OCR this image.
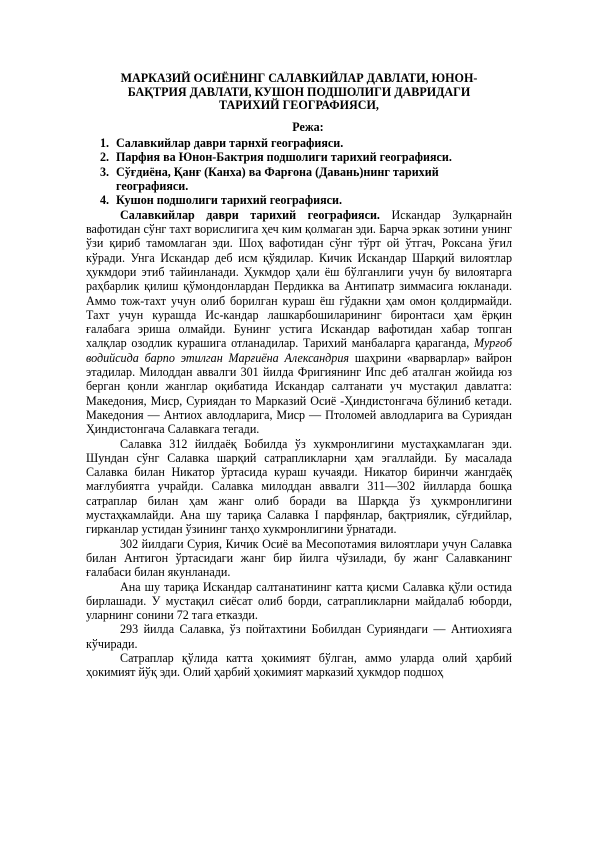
МАРКАЗИЙ ОСИЁНИНГ САЛАВКИЙЛАР ДАВЛАТИ, ЮНОН-
БАҚТРИЯ ДАВЛАТИ, КУШОН ПОДШОЛИГИ ДАВРИДАГИ
ТАРИХИЙ ГЕОГРАФИЯСИ,
Режа:
1. Салавкийлар даври тарнхй географияси.
2. Парфия ва Юнон-Бактрия подшолиги тарихий географияси.
3. Сўғдиёна, Қанғ (Канха) ва Фарғона (Давань)нинг тарихий географияси.
4. Кушон подшолиги тарихий географияси.

Салавкийлар даври тарихий географияси. Искандар Зулқарнайн вафотидан сўнг тахт ворислигига ҳеч ким қолмаган эди. Барча эркак зотини унинг ўзи қириб тамомлаган эди. Шоҳ вафотидан сўнг тўрт ой ўтгач, Роксана ўғил кўради. Унга Искандар деб исм қўядилар. Кичик Искандар Шарқий вилоятлар ҳукмдори этиб тайинланади. Ҳукмдор ҳали ёш бўлганлиги учун бу вилоятарга раҳбарлик қилиш қўмондонлардан Пердикка ва Антипатр зиммасига юкланади. Аммо тож-тахт учун олиб борилган кураш ёш гўдакни ҳам омон қолдирмайди. Тахт учун курашда Ис-кандар лашкарбошиларининг биронтаси ҳам ёрқин ғалабага эриша олмайди. Бунинг устига Искандар вафотидан хабар топган халқлар озодлик курашига отланадилар. Тарихий манбаларга қараганда, Мурғоб водийсида барпо этилган Марғиёна Александрия шаҳрини «варварлар» вайрон этадилар. Милоддан аввалги 301 йилда Фригиянинг Ипс деб аталган жойида юз берган қонли жанглар оқибатида Искандар салтанати уч мустақил давлатга: Македония, Миср, Суриядан то Марказий Осиё -Ҳиндистонгача бўлиниб кетади. Македония — Антиох авлодларига, Миср — Птоломей авлодларига ва Суриядан Ҳиндистонгача Салавкага тегади.

Салавка 312 йилдаёқ Бобилда ўз хукмронлигини мустаҳкамлаган эди. Шундан сўнг Салавка шарқий сатрапликларни ҳам эгаллайди. Бу масалада Салавка билан Никатор ўртасида кураш кучаяди. Никатор биринчи жангдаёқ мағлубиятга учрайди. Салавка милоддан аввалги 311—302 йилларда бошқа сатраплар билан ҳам жанг олиб боради ва Шарқда ўз ҳукмронлигини мустаҳкамлайди. Ана шу тариқа Салавка I парфянлар, бақтриялик, сўғдийлар, гирканлар устидан ўзининг танҳо хукмронлигини ўрнатади.

302 йилдаги Сурия, Кичик Осиё ва Месопотамия вилоятлари учун Салавка билан Антигон ўртасидаги жанг бир йилга чўзилади, бу жанг Салавканинг ғалабаси билан якунланади.

Ана шу тариқа Искандар салтанатининг катта қисми Салавка қўли остида бирлашади. У мустақил сиёсат олиб борди, сатрапликларни майдалаб юборди, уларнинг сонини 72 тага етказди.

293 йилда Салавка, ўз пойтахтини Бобилдан Сурияндаги — Антиохияга кўчиради.

Сатраплар қўлида катта ҳокимият бўлган, аммо уларда олий ҳарбий ҳокимият йўқ эди. Олий ҳарбий ҳокимият марказий ҳукмдор подшоҳ
